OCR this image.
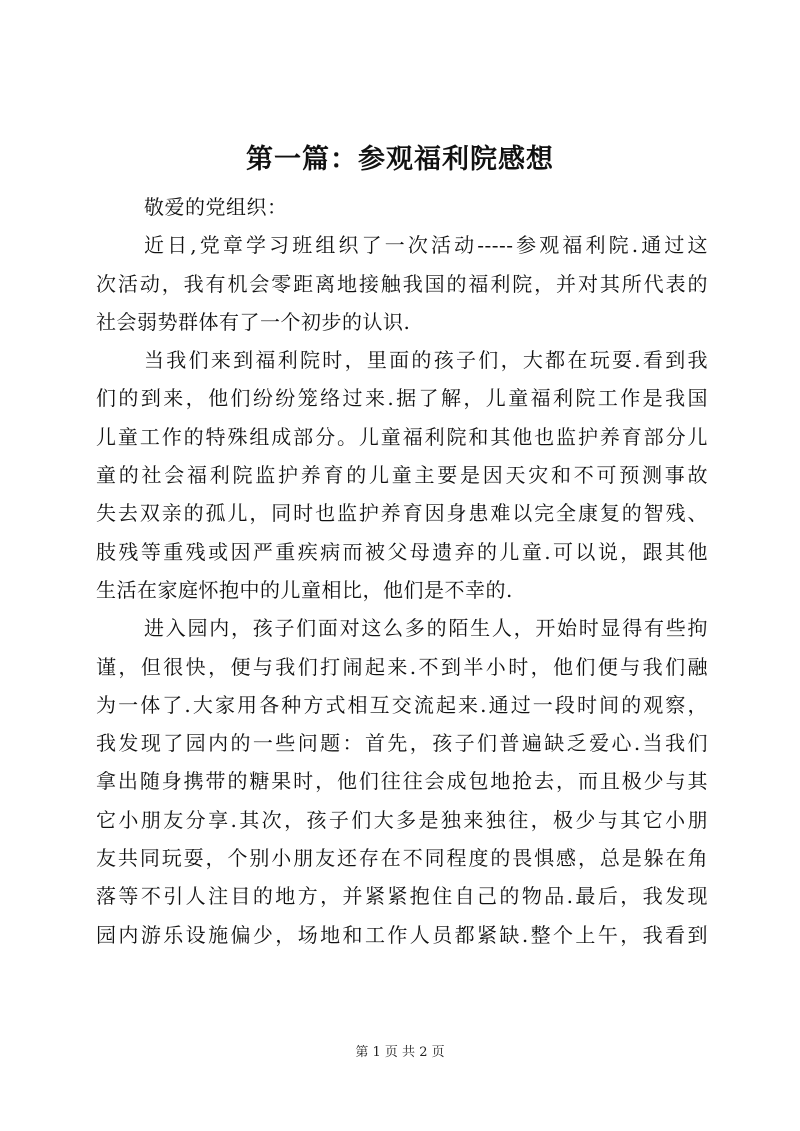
第一篇：参观福利院感想
敬爱的党组织：
近日,党章学习班组织了一次活动-----参观福利院.通过这
次活动，我有机会零距离地接触我国的福利院，并对其所代表的
社会弱势群体有了一个初步的认识.
当我们来到福利院时，里面的孩子们，大都在玩耍.看到我
们的到来，他们纷纷笼络过来.据了解，儿童福利院工作是我国
儿童工作的特殊组成部分。儿童福利院和其他也监护养育部分儿
童的社会福利院监护养育的儿童主要是因天灾和不可预测事故
失去双亲的孤儿，同时也监护养育因身患难以完全康复的智残、
肢残等重残或因严重疾病而被父母遗弃的儿童.可以说，跟其他
生活在家庭怀抱中的儿童相比，他们是不幸的.
进入园内，孩子们面对这么多的陌生人，开始时显得有些拘
谨，但很快，便与我们打闹起来.不到半小时，他们便与我们融
为一体了.大家用各种方式相互交流起来.通过一段时间的观察，
我发现了园内的一些问题：首先，孩子们普遍缺乏爱心.当我们
拿出随身携带的糖果时，他们往往会成包地抢去，而且极少与其
它小朋友分享.其次，孩子们大多是独来独往，极少与其它小朋
友共同玩耍，个别小朋友还存在不同程度的畏惧感，总是躲在角
落等不引人注目的地方，并紧紧抱住自己的物品.最后，我发现
园内游乐设施偏少，场地和工作人员都紧缺.整个上午，我看到
第 1 页 共 2 页
